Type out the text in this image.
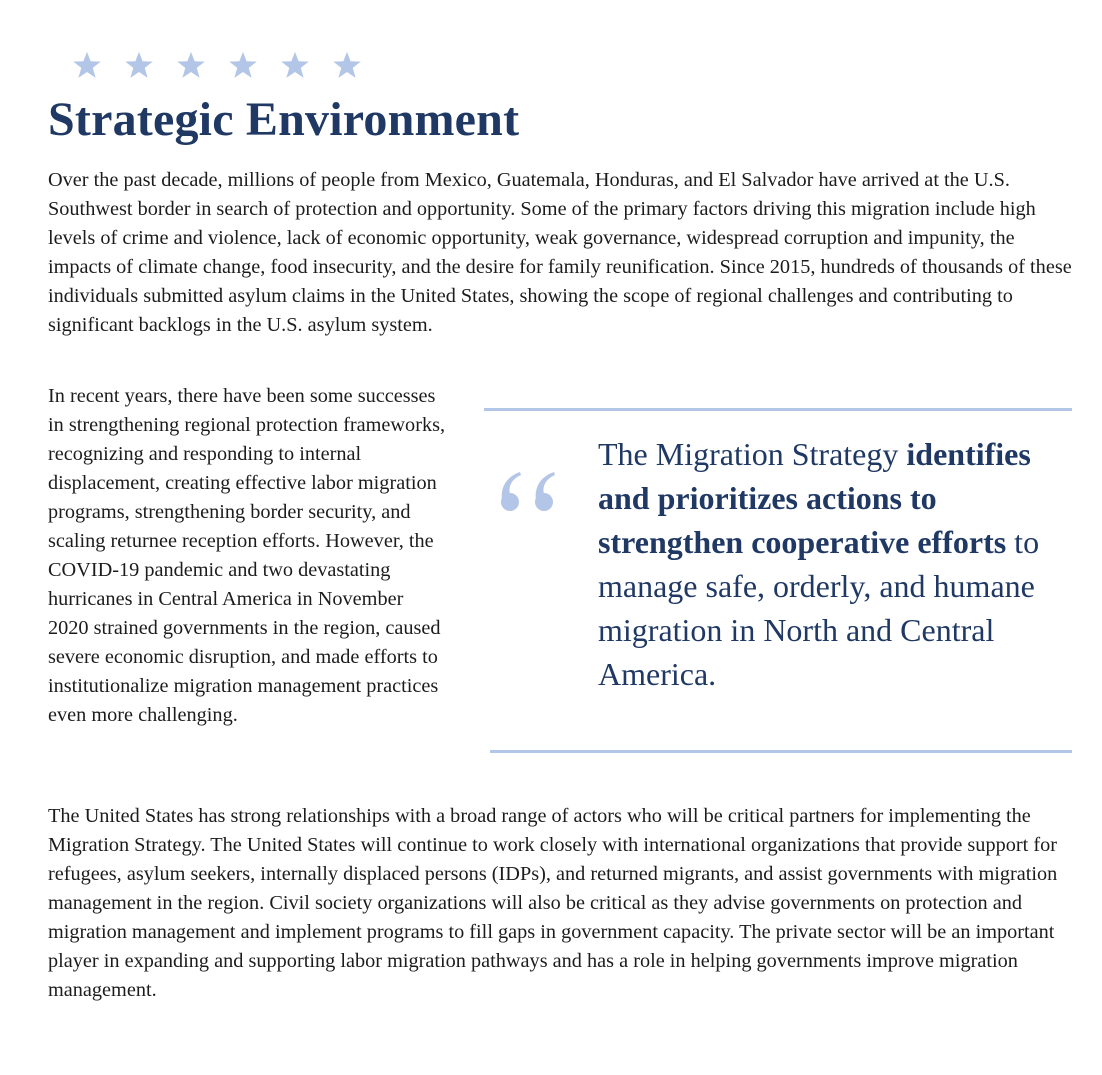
Strategic Environment

Over the past decade, millions of people from Mexico, Guatemala, Honduras, and El Salvador have arrived at the U.S. Southwest border in search of protection and opportunity. Some of the primary factors driving this migration include high levels of crime and violence, lack of economic opportunity, weak governance, widespread corruption and impunity, the impacts of climate change, food insecurity, and the desire for family reunification. Since 2015, hundreds of thousands of these individuals submitted asylum claims in the United States, showing the scope of regional challenges and contributing to significant backlogs in the U.S. asylum system.

In recent years, there have been some successes in strengthening regional protection frameworks, recognizing and responding to internal displacement, creating effective labor migration programs, strengthening border security, and scaling returnee reception efforts. However, the COVID-19 pandemic and two devastating hurricanes in Central America in November 2020 strained governments in the region, caused severe economic disruption, and made efforts to institutionalize migration management practices even more challenging.

The Migration Strategy identifies and prioritizes actions to strengthen cooperative efforts to manage safe, orderly, and humane migration in North and Central America.

The United States has strong relationships with a broad range of actors who will be critical partners for implementing the Migration Strategy. The United States will continue to work closely with international organizations that provide support for refugees, asylum seekers, internally displaced persons (IDPs), and returned migrants, and assist governments with migration management in the region. Civil society organizations will also be critical as they advise governments on protection and migration management and implement programs to fill gaps in government capacity. The private sector will be an important player in expanding and supporting labor migration pathways and has a role in helping governments improve migration management.
